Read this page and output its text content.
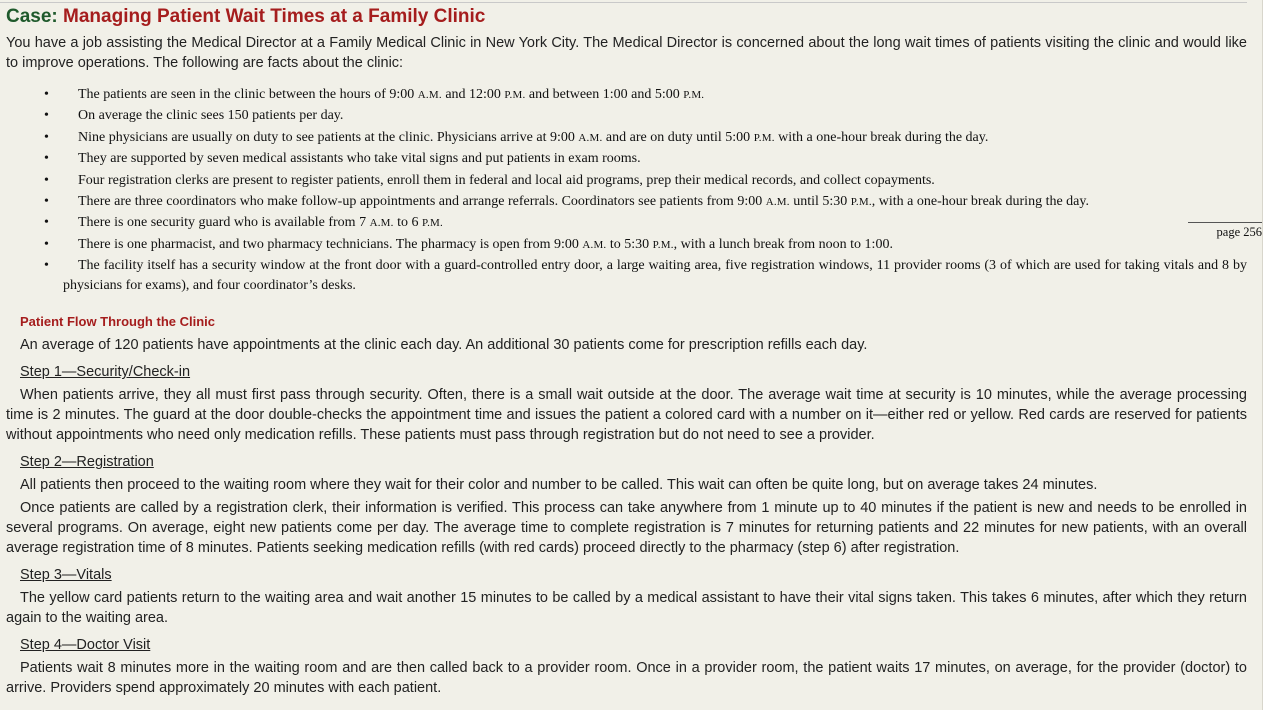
page 256
Case: Managing Patient Wait Times at a Family Clinic

You have a job assisting the Medical Director at a Family Medical Clinic in New York City. The Medical Director is concerned about the long wait times of patients visiting the clinic and would like to improve operations. The following are facts about the clinic:

• The patients are seen in the clinic between the hours of 9:00 A.M. and 12:00 P.M. and between 1:00 and 5:00 P.M.
• On average the clinic sees 150 patients per day.
• Nine physicians are usually on duty to see patients at the clinic. Physicians arrive at 9:00 A.M. and are on duty until 5:00 P.M. with a one-hour break during the day.
• They are supported by seven medical assistants who take vital signs and put patients in exam rooms.
• Four registration clerks are present to register patients, enroll them in federal and local aid programs, prep their medical records, and collect copayments.
• There are three coordinators who make follow-up appointments and arrange referrals. Coordinators see patients from 9:00 A.M. until 5:30 P.M., with a one-hour break during the day.
• There is one security guard who is available from 7 A.M. to 6 P.M.
• There is one pharmacist, and two pharmacy technicians. The pharmacy is open from 9:00 A.M. to 5:30 P.M., with a lunch break from noon to 1:00.
• The facility itself has a security window at the front door with a guard-controlled entry door, a large waiting area, five registration windows, 11 provider rooms (3 of which are used for taking vitals and 8 by physicians for exams), and four coordinator’s desks.
Patient Flow Through the Clinic

An average of 120 patients have appointments at the clinic each day. An additional 30 patients come for prescription refills each day.

Step 1—Security/Check-in

When patients arrive, they all must first pass through security. Often, there is a small wait outside at the door. The average wait time at security is 10 minutes, while the average processing time is 2 minutes. The guard at the door double-checks the appointment time and issues the patient a colored card with a number on it—either red or yellow. Red cards are reserved for patients without appointments who need only medication refills. These patients must pass through registration but do not need to see a provider.

Step 2—Registration

All patients then proceed to the waiting room where they wait for their color and number to be called. This wait can often be quite long, but on average takes 24 minutes.

Once patients are called by a registration clerk, their information is verified. This process can take anywhere from 1 minute up to 40 minutes if the patient is new and needs to be enrolled in several programs. On average, eight new patients come per day. The average time to complete registration is 7 minutes for returning patients and 22 minutes for new patients, with an overall average registration time of 8 minutes. Patients seeking medication refills (with red cards) proceed directly to the pharmacy (step 6) after registration.

Step 3—Vitals

The yellow card patients return to the waiting area and wait another 15 minutes to be called by a medical assistant to have their vital signs taken. This takes 6 minutes, after which they return again to the waiting area.

Step 4—Doctor Visit

Patients wait 8 minutes more in the waiting room and are then called back to a provider room. Once in a provider room, the patient waits 17 minutes, on average, for the provider (doctor) to arrive. Providers spend approximately 20 minutes with each patient.
